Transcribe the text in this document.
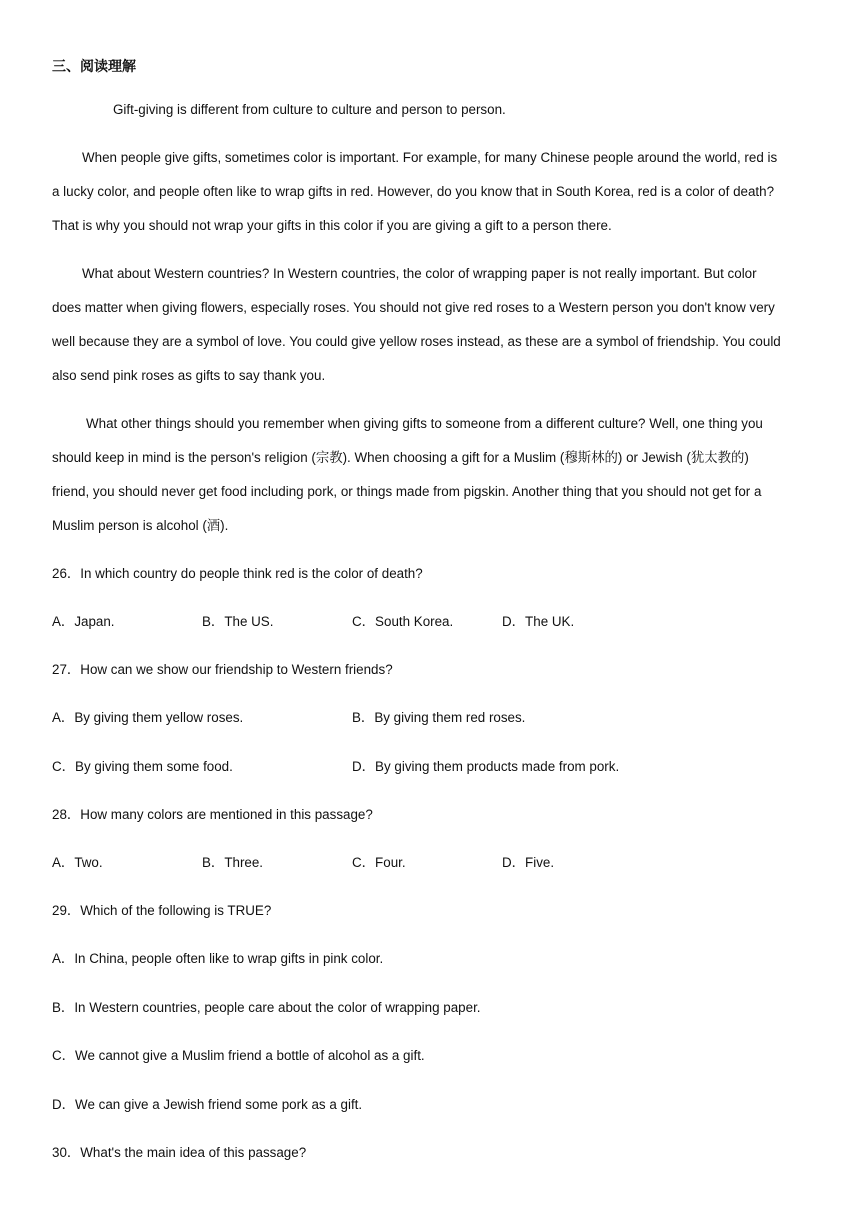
三、阅读理解
Gift-giving is different from culture to culture and person to person.
When people give gifts, sometimes color is important. For example, for many Chinese people around the world, red is
a lucky color, and people often like to wrap gifts in red. However, do you know that in South Korea, red is a color of death?
That is why you should not wrap your gifts in this color if you are giving a gift to a person there.
What about Western countries? In Western countries, the color of wrapping paper is not really important. But color
does matter when giving flowers, especially roses. You should not give red roses to a Western person you don't know very
well because they are a symbol of love. You could give yellow roses instead, as these are a symbol of friendship. You could
also send pink roses as gifts to say thank you.
What other things should you remember when giving gifts to someone from a different culture? Well, one thing you
should keep in mind is the person's religion (宗教). When choosing a gift for a Muslim (穆斯林的) or Jewish (犹太教的)
friend, you should never get food including pork, or things made from pigskin. Another thing that you should not get for a
Muslim person is alcohol (酒).
26．In which country do people think red is the color of death?
A．Japan.	B．The US.	C．South Korea.	D．The UK.
27．How can we show our friendship to Western friends?
A．By giving them yellow roses.	B．By giving them red roses.
C．By giving them some food.	D．By giving them products made from pork.
28．How many colors are mentioned in this passage?
A．Two.	B．Three.	C．Four.	D．Five.
29．Which of the following is TRUE?
A．In China, people often like to wrap gifts in pink color.
B．In Western countries, people care about the color of wrapping paper.
C．We cannot give a Muslim friend a bottle of alcohol as a gift.
D．We can give a Jewish friend some pork as a gift.
30．What's the main idea of this passage?
